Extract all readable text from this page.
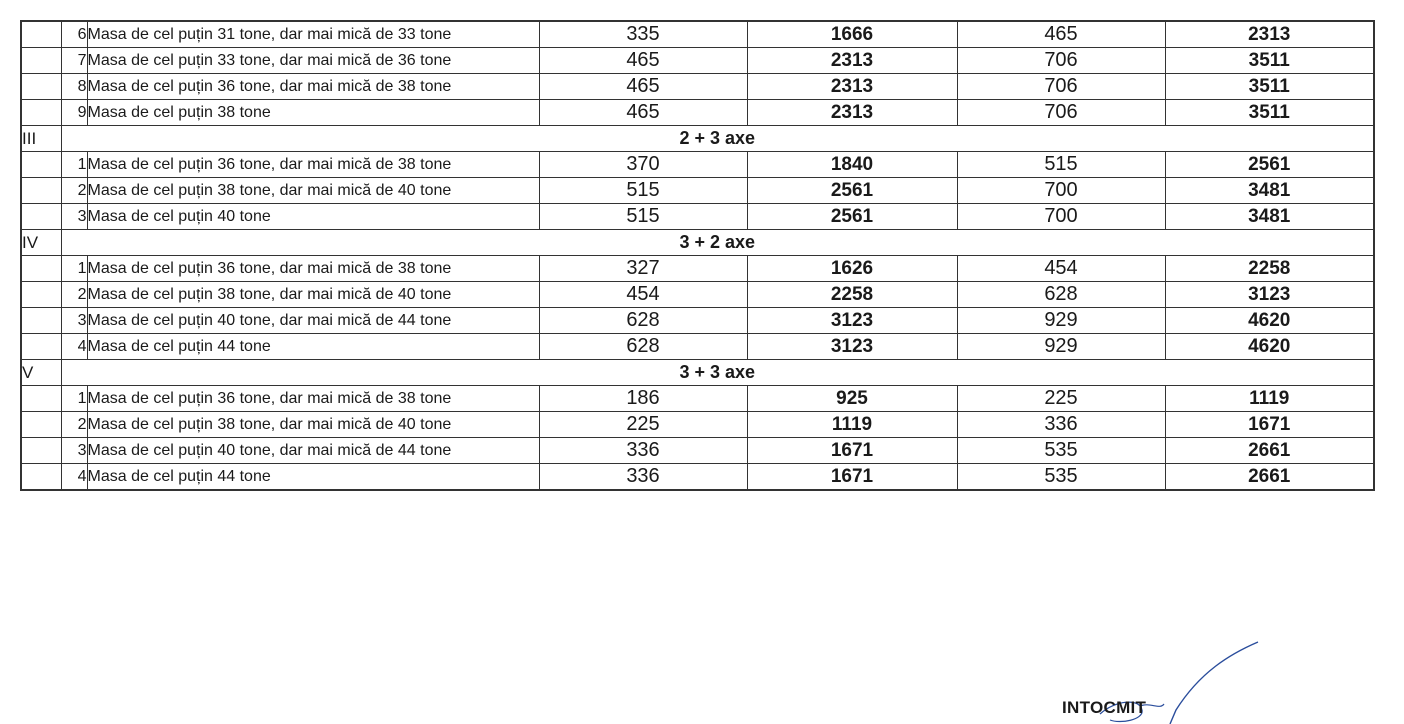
	6	Masa de cel puțin 31 tone, dar mai mică de 33 tone	335	1666	465	2313
	7	Masa de cel puțin 33 tone, dar mai mică de 36 tone	465	2313	706	3511
	8	Masa de cel puțin 36 tone, dar mai mică de 38 tone	465	2313	706	3511
	9	Masa de cel puțin 38 tone	465	2313	706	3511
III	2 + 3 axe					
	1	Masa de cel puțin 36 tone, dar mai mică de 38 tone	370	1840	515	2561
	2	Masa de cel puțin 38 tone, dar mai mică de 40 tone	515	2561	700	3481
	3	Masa de cel puțin 40 tone	515	2561	700	3481
IV	3 + 2 axe					
	1	Masa de cel puțin 36 tone, dar mai mică de 38 tone	327	1626	454	2258
	2	Masa de cel puțin 38 tone, dar mai mică de 40 tone	454	2258	628	3123
	3	Masa de cel puțin 40 tone, dar mai mică de 44 tone	628	3123	929	4620
	4	Masa de cel puțin 44 tone	628	3123	929	4620
V	3 + 3 axe					
	1	Masa de cel puțin 36 tone, dar mai mică de 38 tone	186	925	225	1119
	2	Masa de cel puțin 38 tone, dar mai mică de 40 tone	225	1119	336	1671
	3	Masa de cel puțin 40 tone, dar mai mică de 44 tone	336	1671	535	2661
	4	Masa de cel puțin 44 tone	336	1671	535	2661
INTOCMIT
